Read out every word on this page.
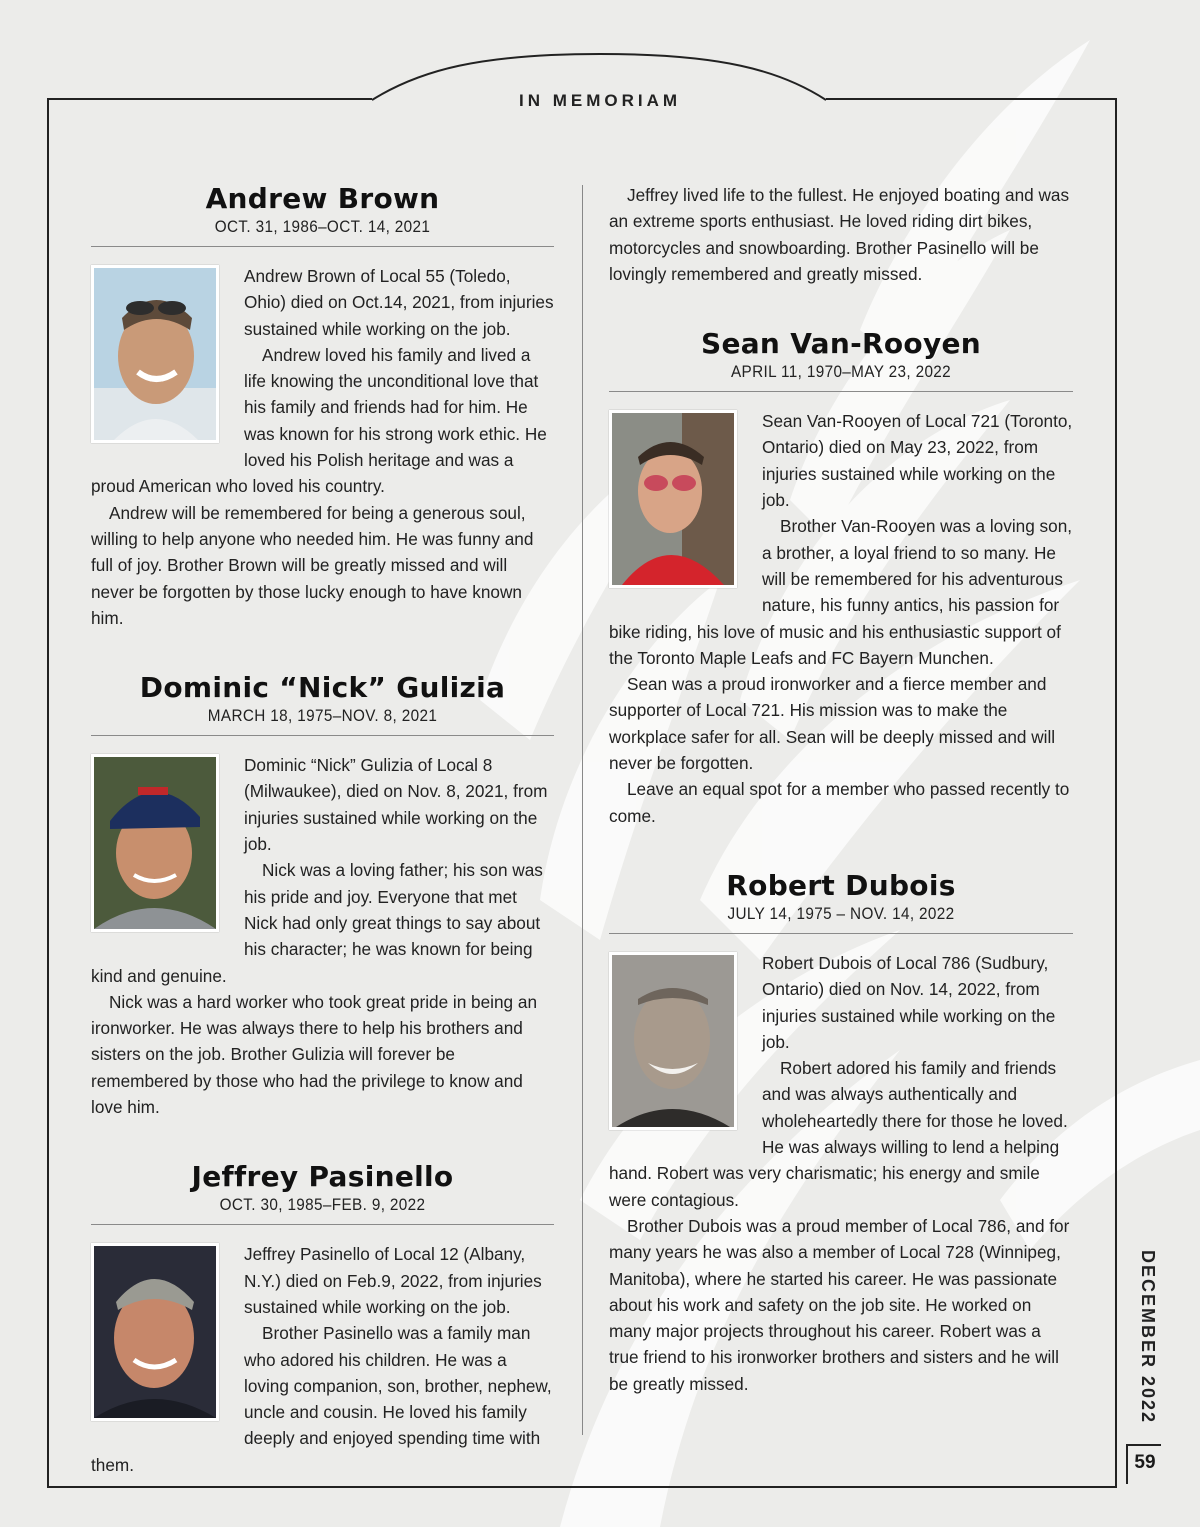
IN MEMORIAM
Andrew Brown
OCT. 31, 1986–OCT. 14, 2021

Andrew Brown of Local 55 (Toledo, Ohio) died on Oct.14, 2021, from injuries sustained while working on the job.

Andrew loved his family and lived a life knowing the unconditional love that his family and friends had for him. He was known for his strong work ethic. He loved his Polish heritage and was a proud American who loved his country.

Andrew will be remembered for being a generous soul, willing to help anyone who needed him. He was funny and full of joy. Brother Brown will be greatly missed and will never be forgotten by those lucky enough to have known him.

Dominic “Nick” Gulizia
MARCH 18, 1975–NOV. 8, 2021

Dominic “Nick” Gulizia of Local 8 (Milwaukee), died on Nov. 8, 2021, from injuries sustained while working on the job.

Nick was a loving father; his son was his pride and joy. Everyone that met Nick had only great things to say about his character; he was known for being kind and genuine.

Nick was a hard worker who took great pride in being an ironworker. He was always there to help his brothers and sisters on the job. Brother Gulizia will forever be remembered by those who had the privilege to know and love him.

Jeffrey Pasinello
OCT. 30, 1985–FEB. 9, 2022

Jeffrey Pasinello of Local 12 (Albany, N.Y.) died on Feb.9, 2022, from injuries sustained while working on the job.

Brother Pasinello was a family man who adored his children. He was a loving companion, son, brother, nephew, uncle and cousin. He loved his family deeply and enjoyed spending time with them.

Jeffrey lived life to the fullest. He enjoyed boating and was an extreme sports enthusiast. He loved riding dirt bikes, motorcycles and snowboarding. Brother Pasinello will be lovingly remembered and greatly missed.

Sean Van-Rooyen
APRIL 11, 1970–MAY 23, 2022

Sean Van-Rooyen of Local 721 (Toronto, Ontario) died on May 23, 2022, from injuries sustained while working on the job.

Brother Van-Rooyen was a loving son, a brother, a loyal friend to so many. He will be remembered for his adventurous nature, his funny antics, his passion for bike riding, his love of music and his enthusiastic support of the Toronto Maple Leafs and FC Bayern Munchen.

Sean was a proud ironworker and a fierce member and supporter of Local 721. His mission was to make the workplace safer for all. Sean will be deeply missed and will never be forgotten.

Leave an equal spot for a member who passed recently to come.

Robert Dubois
JULY 14, 1975 – NOV. 14, 2022

Robert Dubois of Local 786 (Sudbury, Ontario) died on Nov. 14, 2022, from injuries sustained while working on the job.

Robert adored his family and friends and was always authentically and wholeheartedly there for those he loved. He was always willing to lend a helping hand. Robert was very charismatic; his energy and smile were contagious.

Brother Dubois was a proud member of Local 786, and for many years he was also a member of Local 728 (Winnipeg, Manitoba), where he started his career. He was passionate about his work and safety on the job site. He worked on many major projects throughout his career. Robert was a true friend to his ironworker brothers and sisters and he will be greatly missed.	DECEMBER 2022
59
